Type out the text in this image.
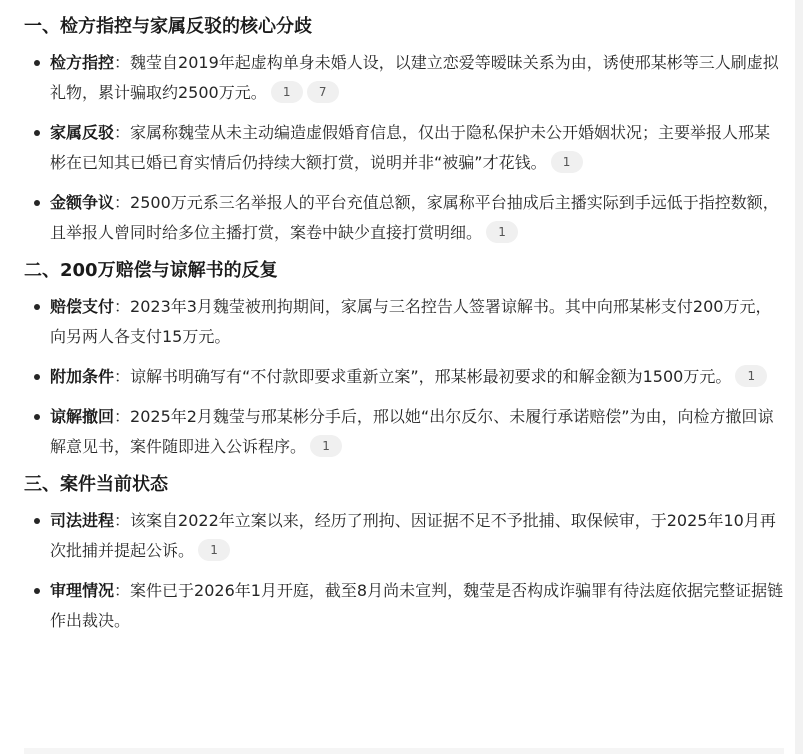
一、检方指控与家属反驳的核心分歧
检方指控：魏莹自2019年起虚构单身未婚人设，以建立恋爱等暧昧关系为由，诱使邢某彬等三人刷虚拟礼物，累计骗取约2500万元。 1 7
家属反驳：家属称魏莹从未主动编造虚假婚育信息，仅出于隐私保护未公开婚姻状况；主要举报人邢某彬在已知其已婚已育实情后仍持续大额打赏，说明并非“被骗”才花钱。 1
金额争议：2500万元系三名举报人的平台充值总额，家属称平台抽成后主播实际到手远低于指控数额，且举报人曾同时给多位主播打赏，案卷中缺少直接打赏明细。 1
二、200万赔偿与谅解书的反复
赔偿支付：2023年3月魏莹被刑拘期间，家属与三名控告人签署谅解书。其中向邢某彬支付200万元，向另两人各支付15万元。
附加条件：谅解书明确写有“不付款即要求重新立案”，邢某彬最初要求的和解金额为1500万元。 1
谅解撤回：2025年2月魏莹与邢某彬分手后，邢以她“出尔反尔、未履行承诺赔偿”为由，向检方撤回谅解意见书，案件随即进入公诉程序。 1
三、案件当前状态
司法进程：该案自2022年立案以来，经历了刑拘、因证据不足不予批捕、取保候审，于2025年10月再次批捕并提起公诉。 1
审理情况：案件已于2026年1月开庭，截至8月尚未宣判，魏莹是否构成诈骗罪有待法庭依据完整证据链作出裁决。
